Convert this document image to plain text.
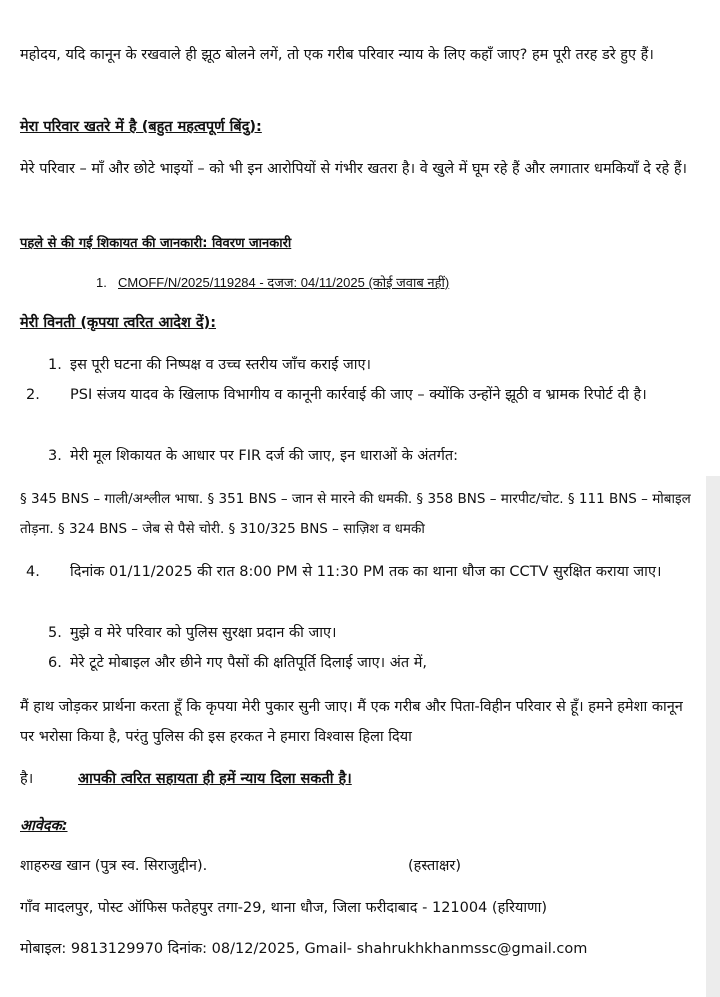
महोदय, यदि कानून के रखवाले ही झूठ बोलने लगें, तो एक गरीब परिवार न्याय के लिए कहाँ जाए? हम पूरी तरह डरे हुए हैं।
मेरा परिवार खतरे में है (बहुत महत्वपूर्ण बिंदु):
मेरे परिवार – माँ और छोटे भाइयों – को भी इन आरोपियों से गंभीर खतरा है। वे खुले में घूम रहे हैं और लगातार धमकियाँ दे रहे हैं।
पहले से की गई शिकायत की जानकारी: विवरण जानकारी
1. CMOFF/N/2025/119284 - दजज: 04/11/2025 (कोई जवाब नहीं)
मेरी विनती (कृपया त्वरित आदेश दें):
1. इस पूरी घटना की निष्पक्ष व उच्च स्तरीय जाँच कराई जाए।
2. PSI संजय यादव के खिलाफ विभागीय व कानूनी कार्रवाई की जाए – क्योंकि उन्होंने झूठी व भ्रामक रिपोर्ट दी है।
3. मेरी मूल शिकायत के आधार पर FIR दर्ज की जाए, इन धाराओं के अंतर्गत:
§ 345 BNS – गाली/अश्लील भाषा. § 351 BNS – जान से मारने की धमकी. § 358 BNS – मारपीट/चोट. § 111 BNS – मोबाइल तोड़ना. § 324 BNS – जेब से पैसे चोरी. § 310/325 BNS – साज़िश व धमकी
4. दिनांक 01/11/2025 की रात 8:00 PM से 11:30 PM तक का थाना धौज का CCTV सुरक्षित कराया जाए।
5. मुझे व मेरे परिवार को पुलिस सुरक्षा प्रदान की जाए।
6. मेरे टूटे मोबाइल और छीने गए पैसों की क्षतिपूर्ति दिलाई जाए। अंत में,
मैं हाथ जोड़कर प्रार्थना करता हूँ कि कृपया मेरी पुकार सुनी जाए। मैं एक गरीब और पिता-विहीन परिवार से हूँ। हमने हमेशा कानून पर भरोसा किया है, परंतु पुलिस की इस हरकत ने हमारा विश्वास हिला दिया
है।	आपकी त्वरित सहायता ही हमें न्याय दिला सकती है।
आवेदक:
शाहरुख खान (पुत्र स्व. सिराजुद्दीन).	(हस्ताक्षर)
गाँव मादलपुर, पोस्ट ऑफिस फतेहपुर तगा-29, थाना धौज, जिला फरीदाबाद - 121004 (हरियाणा)
मोबाइल: 9813129970 दिनांक: 08/12/2025, Gmail- shahrukhkhanmssc@gmail.com
